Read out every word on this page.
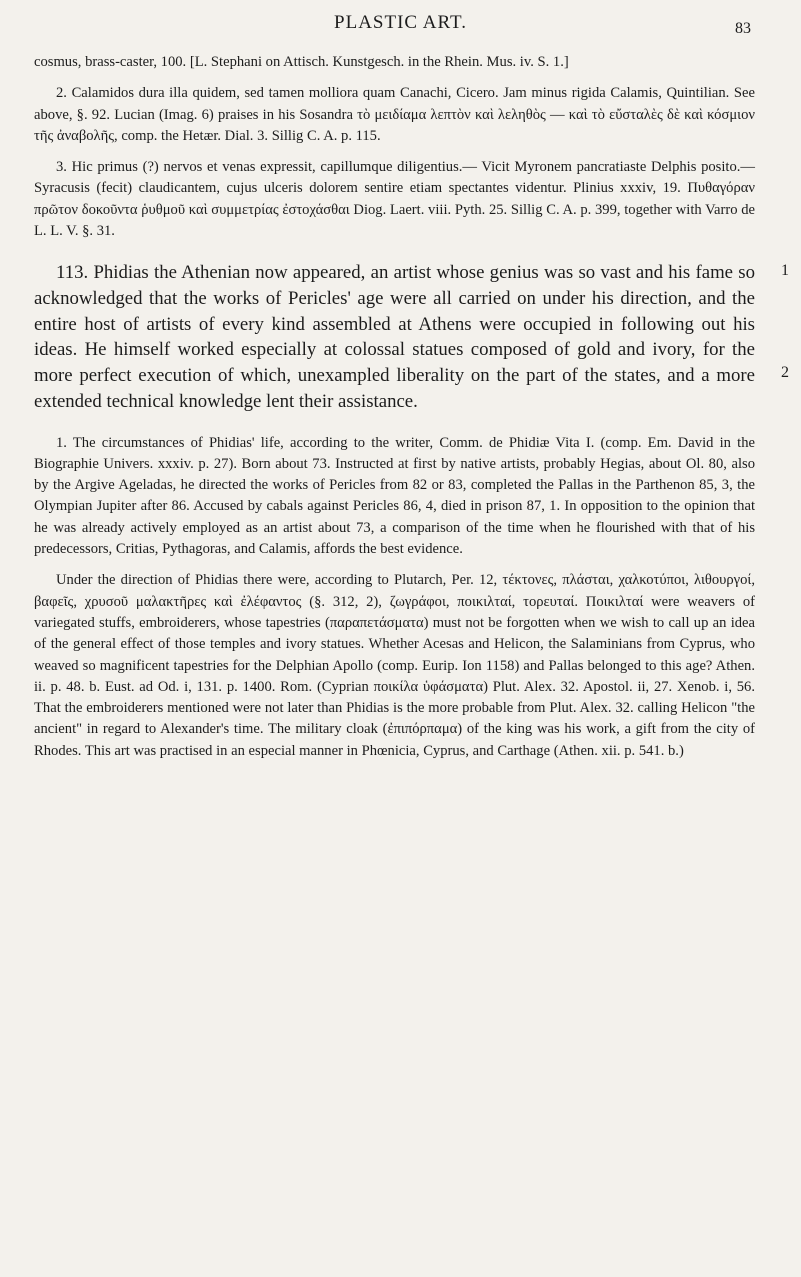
PLASTIC ART.	83

cosmus, brass-caster, 100. [L. Stephani on Attisch. Kunstgesch. in the Rhein. Mus. iv. S. 1.]

2. Calamidos dura illa quidem, sed tamen molliora quam Canachi, Cicero. Jam minus rigida Calamis, Quintilian. See above, §. 92. Lucian (Imag. 6) praises in his Sosandra τὸ μειδίαμα λεπτὸν καὶ λεληθὸς — καὶ τὸ εὔσταλὲς δὲ καὶ κόσμιον τῆς ἀναβολῆς, comp. the Hetær. Dial. 3. Sillig C. A. p. 115.

3. Hic primus (?) nervos et venas expressit, capillumque diligentius.— Vicit Myronem pancratiaste Delphis posito.—Syracusis (fecit) claudicantem, cujus ulceris dolorem sentire etiam spectantes videntur. Plinius xxxiv, 19. Πυθαγόραν πρῶτον δοκοῦντα ῥυθμοῦ καὶ συμμετρίας ἐστοχάσθαι Diog. Laert. viii. Pyth. 25. Sillig C. A. p. 399, together with Varro de L. L. V. §. 31.

1
2

113. Phidias the Athenian now appeared, an artist whose genius was so vast and his fame so acknowledged that the works of Pericles' age were all carried on under his direction, and the entire host of artists of every kind assembled at Athens were occupied in following out his ideas. He himself worked especially at colossal statues composed of gold and ivory, for the more perfect execution of which, unexampled liberality on the part of the states, and a more extended technical knowledge lent their assistance.

1. The circumstances of Phidias' life, according to the writer, Comm. de Phidiæ Vita I. (comp. Em. David in the Biographie Univers. xxxiv. p. 27). Born about 73. Instructed at first by native artists, probably Hegias, about Ol. 80, also by the Argive Ageladas, he directed the works of Pericles from 82 or 83, completed the Pallas in the Parthenon 85, 3, the Olympian Jupiter after 86. Accused by cabals against Pericles 86, 4, died in prison 87, 1. In opposition to the opinion that he was already actively employed as an artist about 73, a comparison of the time when he flourished with that of his predecessors, Critias, Pythagoras, and Calamis, affords the best evidence.

Under the direction of Phidias there were, according to Plutarch, Per. 12, τέκτονες, πλάσται, χαλκοτύποι, λιθουργοί, βαφεῖς, χρυσοῦ μαλακτῆρες καὶ ἐλέφαντος (§. 312, 2), ζωγράφοι, ποικιλταί, τορευταί. Ποικιλταί were weavers of variegated stuffs, embroiderers, whose tapestries (παραπετάσματα) must not be forgotten when we wish to call up an idea of the general effect of those temples and ivory statues. Whether Acesas and Helicon, the Salaminians from Cyprus, who weaved so magnificent tapestries for the Delphian Apollo (comp. Eurip. Ion 1158) and Pallas belonged to this age? Athen. ii. p. 48. b. Eust. ad Od. i, 131. p. 1400. Rom. (Cyprian ποικίλα ὑφάσματα) Plut. Alex. 32. Apostol. ii, 27. Xenob. i, 56. That the embroiderers mentioned were not later than Phidias is the more probable from Plut. Alex. 32. calling Helicon "the ancient" in regard to Alexander's time. The military cloak (ἐπιπόρπαμα) of the king was his work, a gift from the city of Rhodes. This art was practised in an especial manner in Phœnicia, Cyprus, and Carthage (Athen. xii. p. 541. b.)
